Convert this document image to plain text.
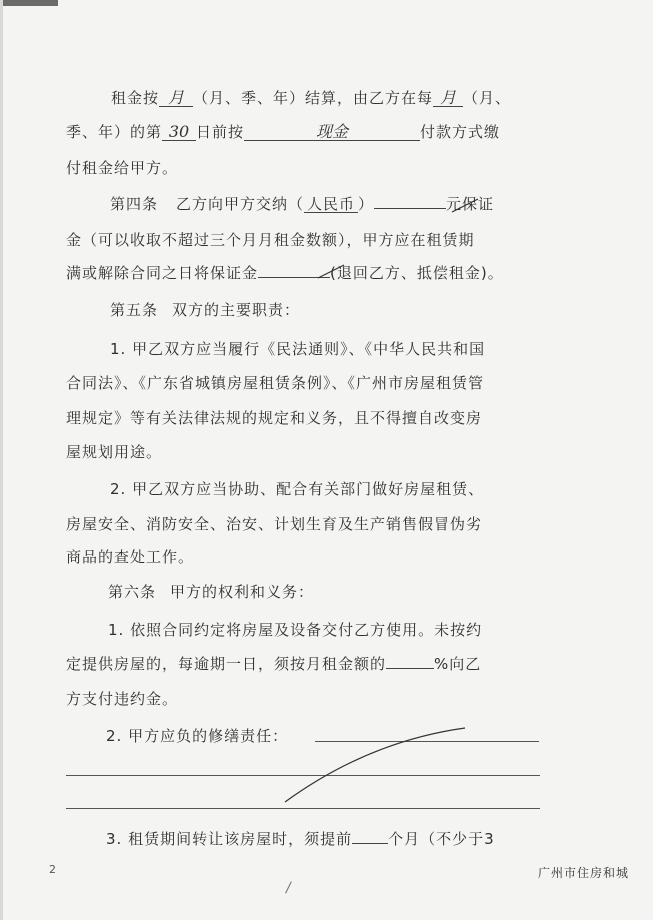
租金按 月 （月、季、年）结算，由乙方在每 月 （月、
季、年）的第 30 日前按	现金	付款方式缴
付租金给甲方。
第四条 乙方向甲方交纳（ 人民币 ）	元保证
金（可以收取不超过三个月月租金数额），甲方应在租赁期
满或解除合同之日将保证金	(退回乙方、抵偿租金)。
第五条 双方的主要职责：
1. 甲乙双方应当履行《民法通则》、《中华人民共和国
合同法》、《广东省城镇房屋租赁条例》、《广州市房屋租赁管
理规定》等有关法律法规的规定和义务，且不得擅自改变房
屋规划用途。
2. 甲乙双方应当协助、配合有关部门做好房屋租赁、
房屋安全、消防安全、治安、计划生育及生产销售假冒伪劣
商品的查处工作。
第六条 甲方的权利和义务：
1. 依照合同约定将房屋及设备交付乙方使用。未按约
定提供房屋的，每逾期一日，须按月租金额的	%向乙
方支付违约金。
2. 甲方应负的修缮责任：
3. 租赁期间转让该房屋时，须提前 个月（不少于3
2	广州市住房和城
/
